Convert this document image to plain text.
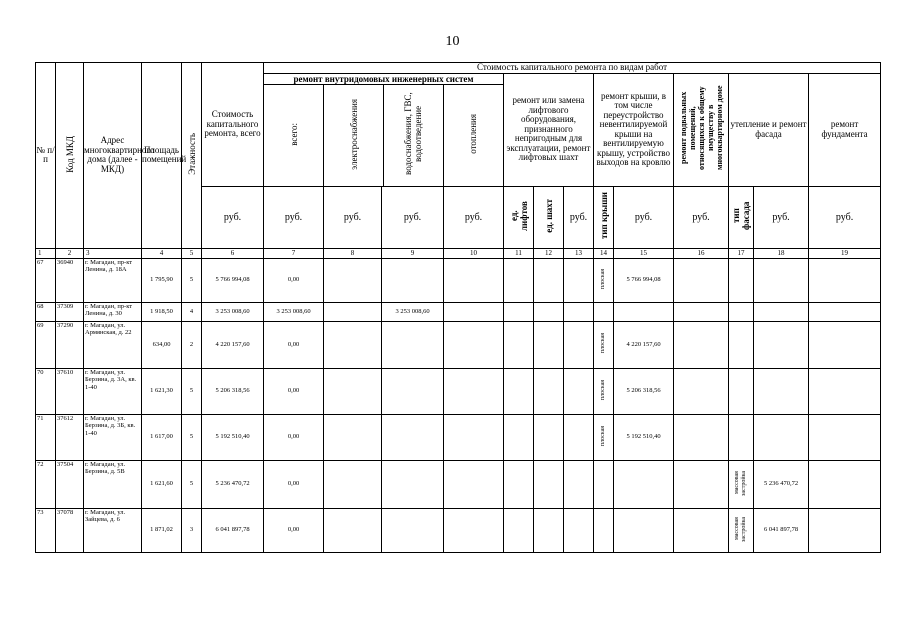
10
№ п/п	Код МКД	Адрес многоквартирного дома (далее - МКД)	Площадь помещений	Этажность	Стоимость капитального ремонта, всего	Стоимость капитального ремонта по видам работ

ремонт внутридомовых инженерных систем
всего:	электроснабжения	водоснабжения, ГВС, водоотведение	отопления
	ремонт или замена лифтового оборудования, признанного непригодным для эксплуатации, ремонт лифтовых шахт	ремонт крыши, в том числе переустройство невентилируемой крыши на вентилируемую крышу, устройство выходов на кровлю	ремонт подвальных помещений, относящихся к общему имуществу в многоквартирном доме	утепление и ремонт фасада	ремонт фундамента
руб.	руб.	руб.	руб.	руб.	ед. лифтов	ед. шахт	руб.	тип крыши	руб.	руб.	тип фасада	руб.	руб.
1	2	3	4	5	6	7	8	9	10	11	12	13	14	15	16	17	18	19
67	36940	г. Магадан, пр-кт Ленина, д. 18А	1 795,90	5	5 766 994,08	0,00							плоская	5 766 994,08				
68	37309	г. Магадан, пр-кт Ленина, д. 30	1 918,50	4	3 253 008,60	3 253 008,60		3 253 008,60										
69	37290	г. Магадан, ул. Армянская, д. 22	634,00	2	4 220 157,60	0,00							плоская	4 220 157,60				
70	37610	г. Магадан, ул. Берзина, д. 3А, кв. 1-40	1 621,30	5	5 206 318,56	0,00							плоская	5 206 318,56				
71	37612	г. Магадан, ул. Берзина, д. 3Б, кв. 1-40	1 617,00	5	5 192 510,40	0,00							плоская	5 192 510,40				
72	37504	г. Магадан, ул. Берзина, д. 5В	1 621,60	5	5 236 470,72	0,00										массовая застройка	5 236 470,72	
73	37078	г. Магадан, ул. Зайцева, д. 6	1 871,02	3	6 041 897,78	0,00										массовая застройка	6 041 897,78	
